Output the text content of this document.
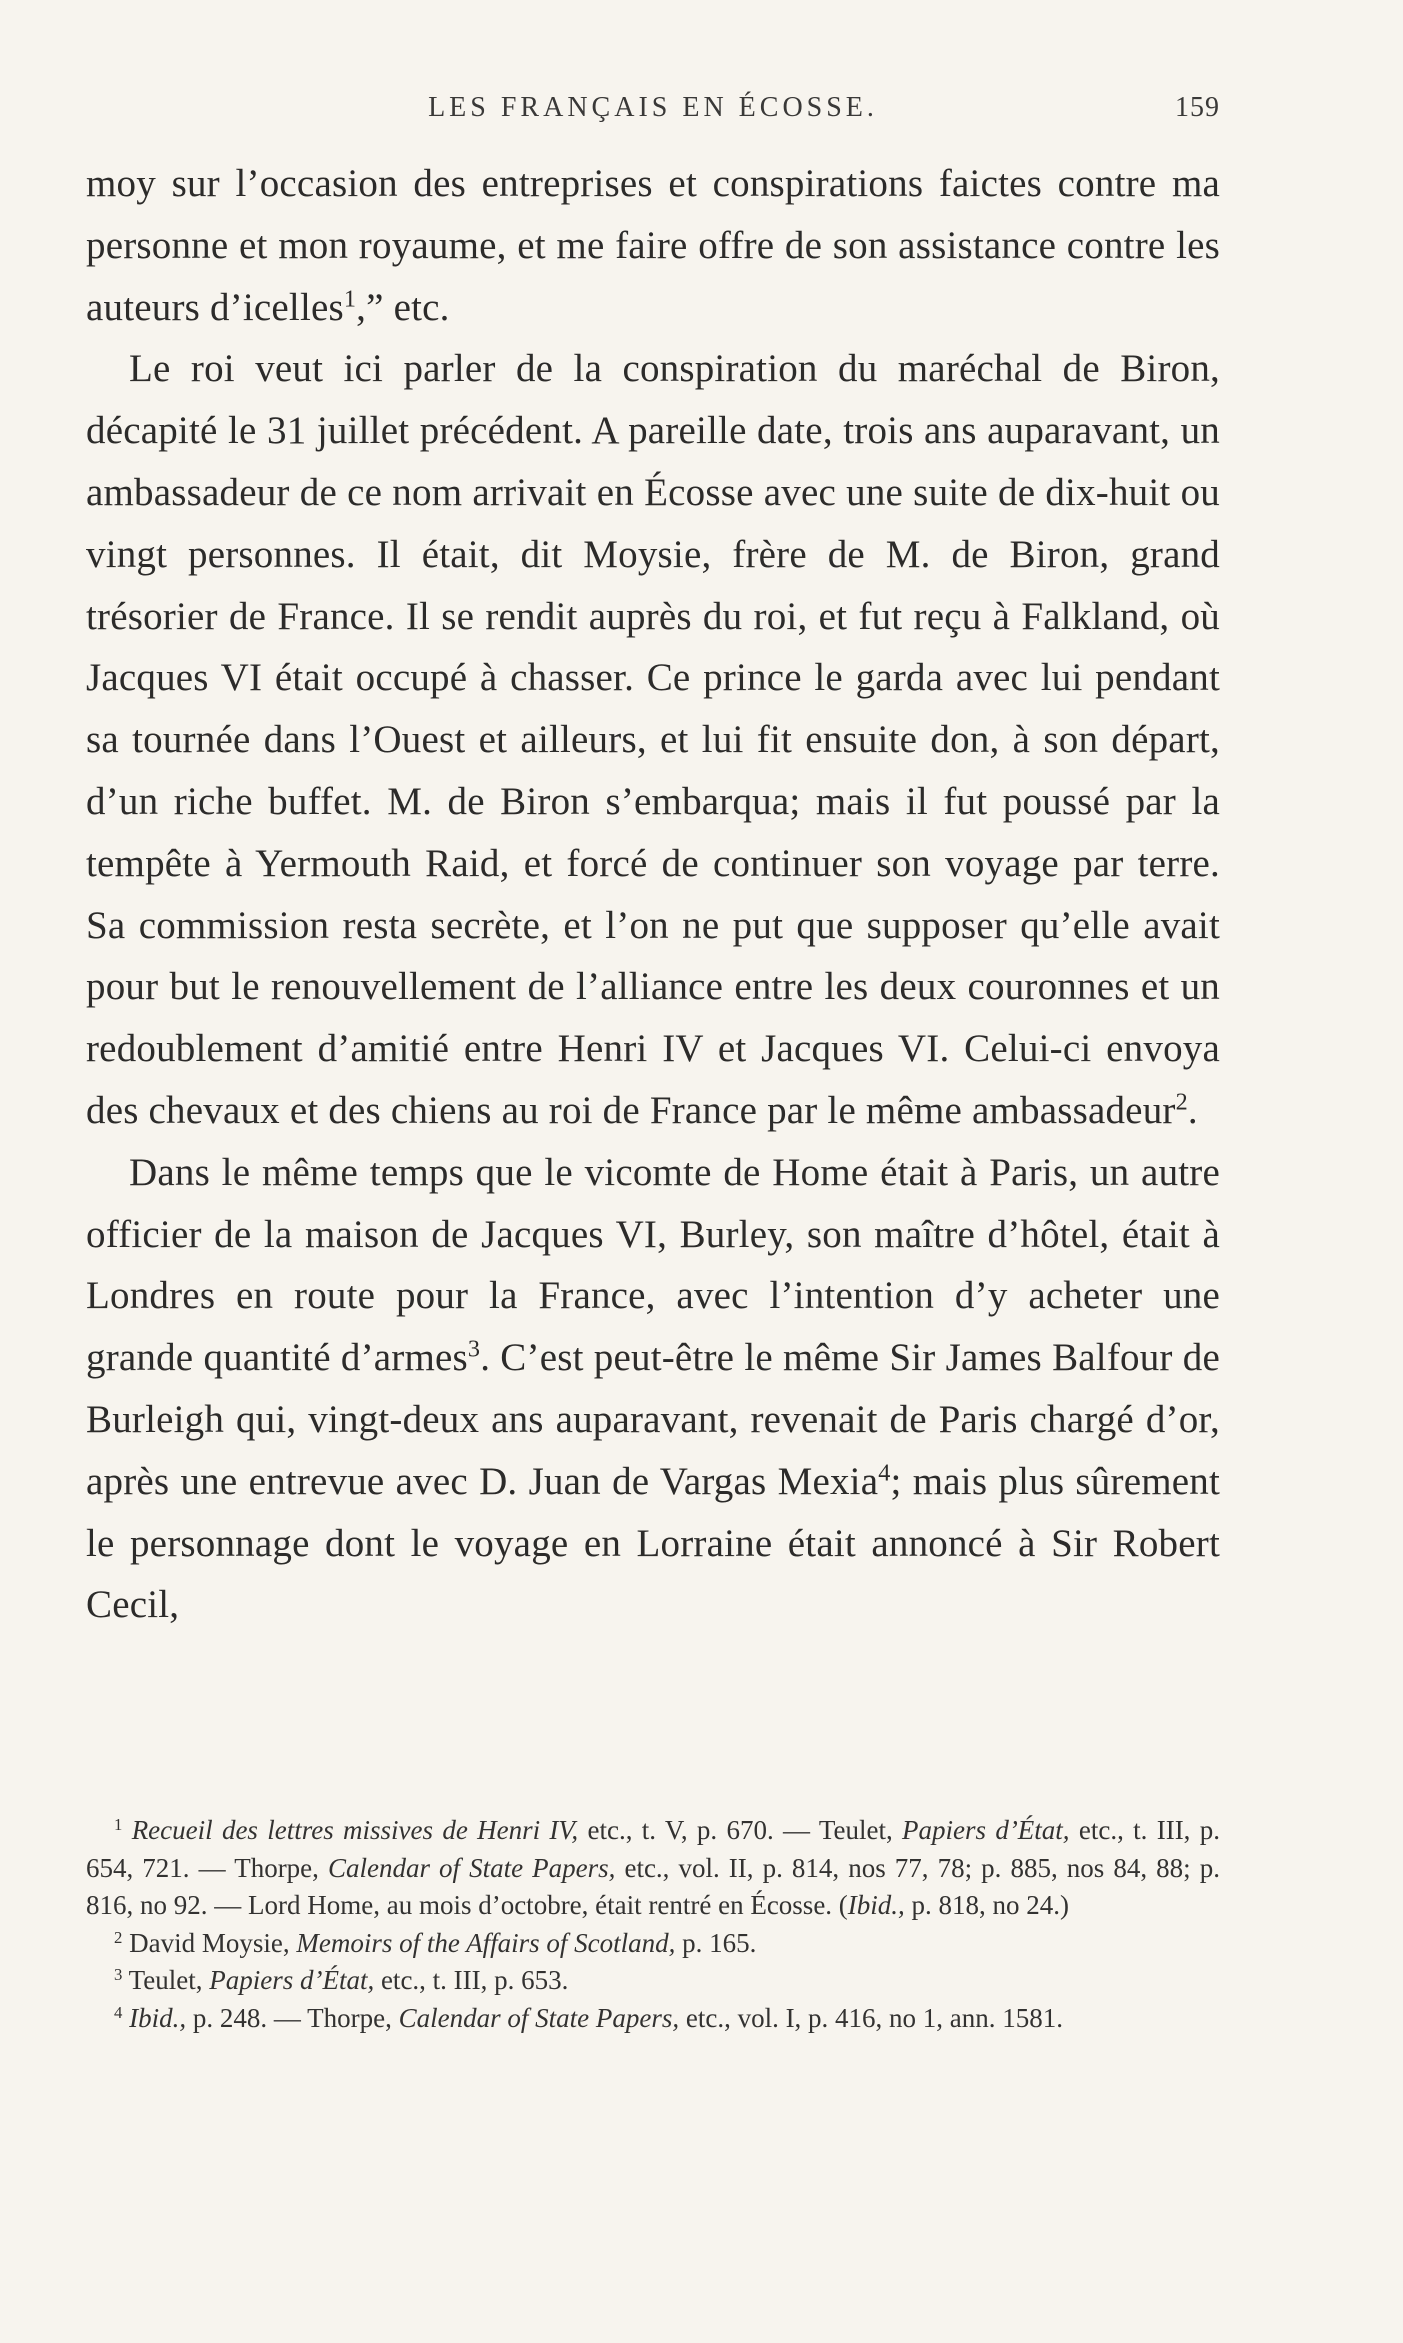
LES FRANÇAIS EN ÉCOSSE.	159

moy sur l’occasion des entreprises et conspirations faictes contre ma personne et mon royaume, et me faire offre de son assistance contre les auteurs d’icelles$^1$,” etc.

Le roi veut ici parler de la conspiration du maréchal de Biron, décapité le 31 juillet précédent. A pareille date, trois ans auparavant, un ambassadeur de ce nom arrivait en Écosse avec une suite de dix-huit ou vingt personnes. Il était, dit Moysie, frère de M. de Biron, grand trésorier de France. Il se rendit auprès du roi, et fut reçu à Falkland, où Jacques VI était occupé à chasser. Ce prince le garda avec lui pendant sa tournée dans l’Ouest et ailleurs, et lui fit ensuite don, à son départ, d’un riche buffet. M. de Biron s’embarqua; mais il fut poussé par la tempête à Yermouth Raid, et forcé de continuer son voyage par terre. Sa commission resta secrète, et l’on ne put que supposer qu’elle avait pour but le renouvellement de l’alliance entre les deux couronnes et un redoublement d’amitié entre Henri IV et Jacques VI. Celui-ci envoya des chevaux et des chiens au roi de France par le même ambassadeur$^2$.

Dans le même temps que le vicomte de Home était à Paris, un autre officier de la maison de Jacques VI, Burley, son maître d’hôtel, était à Londres en route pour la France, avec l’intention d’y acheter une grande quantité d’armes$^3$. C’est peut-être le même Sir James Balfour de Burleigh qui, vingt-deux ans auparavant, revenait de Paris chargé d’or, après une entrevue avec D. Juan de Vargas Mexia$^4$; mais plus sûrement le personnage dont le voyage en Lorraine était annoncé à Sir Robert Cecil,

$^1$ Recueil des lettres missives de Henri IV, etc., t. V, p. 670. — Teulet, Papiers d’État, etc., t. III, p. 654, 721. — Thorpe, Calendar of State Papers, etc., vol. II, p. 814, nos 77, 78; p. 885, nos 84, 88; p. 816, no 92. — Lord Home, au mois d’octobre, était rentré en Écosse. (Ibid., p. 818, no 24.)

$^2$ David Moysie, Memoirs of the Affairs of Scotland, p. 165.

$^3$ Teulet, Papiers d’État, etc., t. III, p. 653.

$^4$ Ibid., p. 248. — Thorpe, Calendar of State Papers, etc., vol. I, p. 416, no 1, ann. 1581.
